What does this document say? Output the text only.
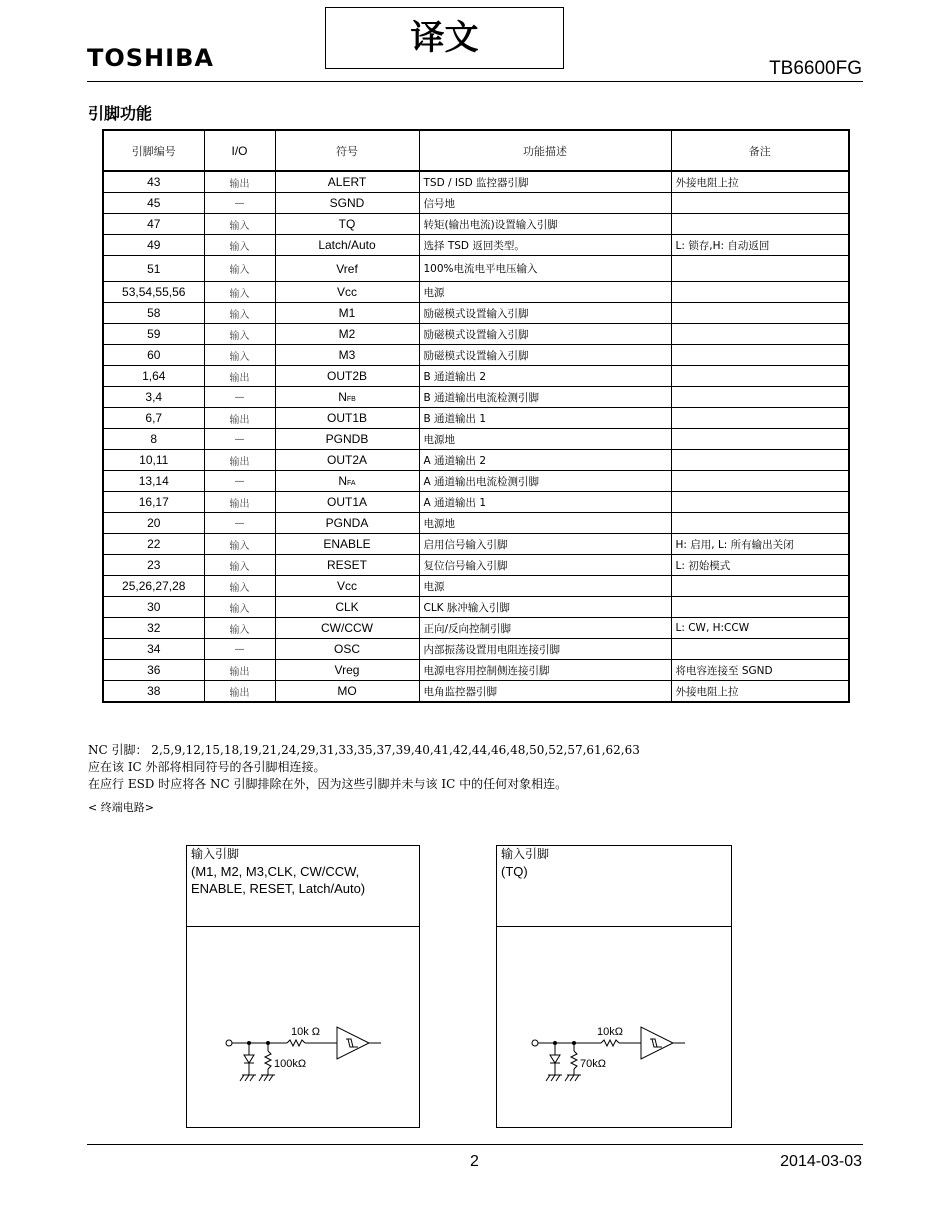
TOSHIBA	译文
TB6600FG
引脚功能
引脚编号	I/O	符号	功能描述	备注
43	输出	ALERT	TSD / ISD 监控器引脚	外接电阻上拉
45	—	SGND	信号地	
47	输入	TQ	转矩(输出电流)设置输入引脚	
49	输入	Latch/Auto	选择 TSD 返回类型。	L: 锁存,H: 自动返回
51	输入	Vref	100%电流电平电压输入	
53,54,55,56	输入	Vcc	电源	
58	输入	M1	励磁模式设置输入引脚	
59	输入	M2	励磁模式设置输入引脚	
60	输入	M3	励磁模式设置输入引脚	
1,64	输出	OUT2B	B 通道输出 2	
3,4	—	NFB	B 通道输出电流检测引脚	
6,7	输出	OUT1B	B 通道输出 1	
8	—	PGNDB	电源地	
10,11	输出	OUT2A	A 通道输出 2	
13,14	—	NFA	A 通道输出电流检测引脚	
16,17	输出	OUT1A	A 通道输出 1	
20	—	PGNDA	电源地	
22	输入	ENABLE	启用信号输入引脚	H: 启用, L: 所有输出关闭
23	输入	RESET	复位信号输入引脚	L: 初始模式
25,26,27,28	输入	Vcc	电源	
30	输入	CLK	CLK 脉冲输入引脚	
32	输入	CW/CCW	正向/反向控制引脚	L: CW, H:CCW
34	—	OSC	内部振荡设置用电阻连接引脚	
36	输出	Vreg	电源电容用控制侧连接引脚	将电容连接至 SGND
38	输出	MO	电角监控器引脚	外接电阻上拉
NC 引脚： 2,5,9,12,15,18,19,21,24,29,31,33,35,37,39,40,41,42,44,46,48,50,52,57,61,62,63
应在该 IC 外部将相同符号的各引脚相连接。
在应行 ESD 时应将各 NC 引脚排除在外，因为这些引脚并未与该 IC 中的任何对象相连。
< 终端电路>
输入引脚
(M1, M2, M3,CLK, CW/CCW,
ENABLE, RESET, Latch/Auto)
10k Ω
100kΩ
输入引脚
(TQ)
10kΩ
70kΩ
2	2014-03-03
